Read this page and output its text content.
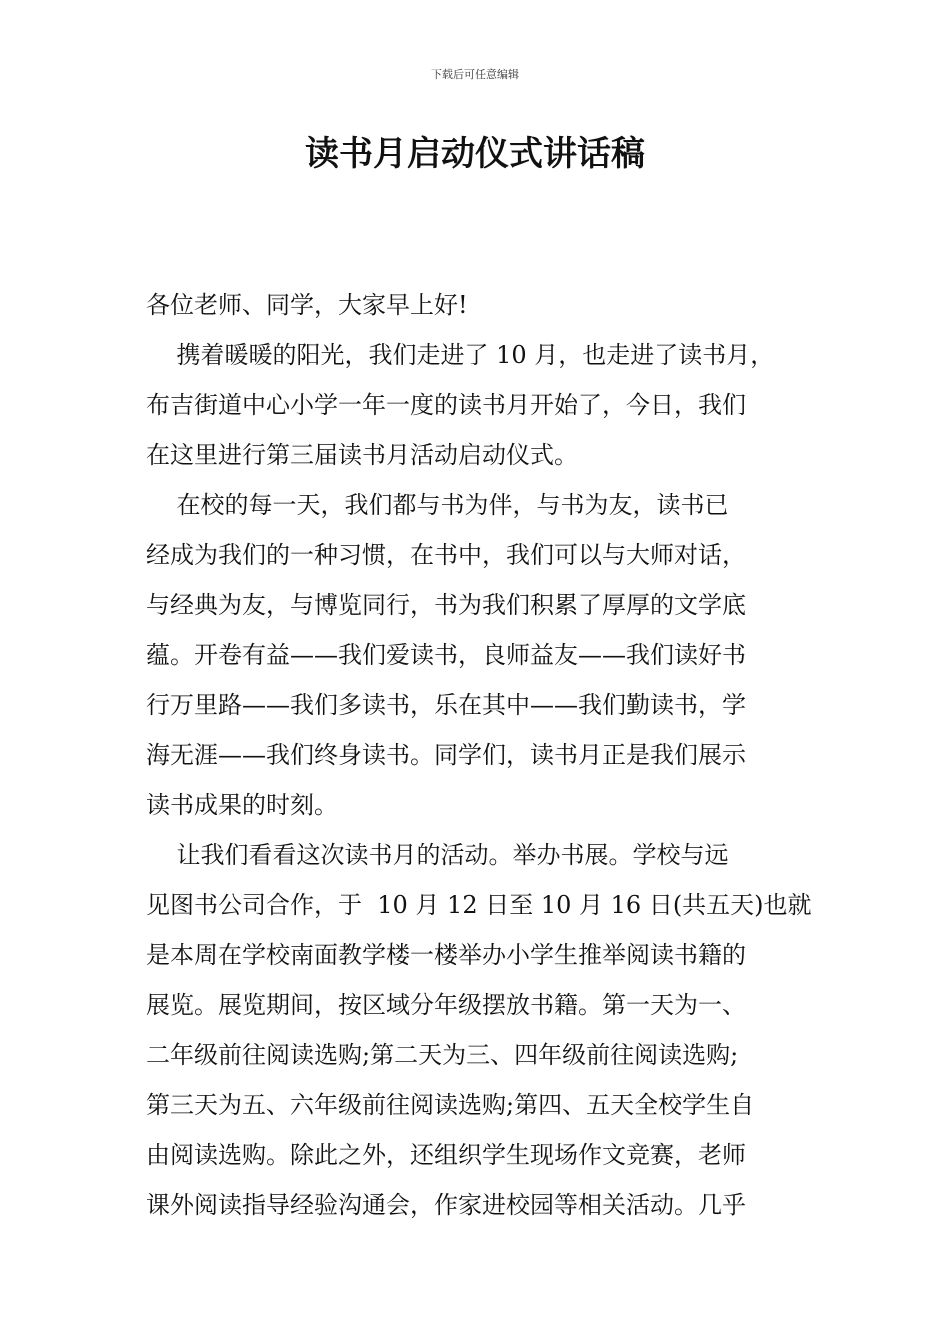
下载后可任意编辑
读书月启动仪式讲话稿
各位老师、同学，大家早上好!
携着暖暖的阳光，我们走进了 10 月，也走进了读书月，
布吉街道中心小学一年一度的读书月开始了，今日，我们
在这里进行第三届读书月活动启动仪式。
在校的每一天，我们都与书为伴，与书为友，读书已
经成为我们的一种习惯，在书中，我们可以与大师对话，
与经典为友，与博览同行，书为我们积累了厚厚的文学底
蕴。开卷有益——我们爱读书，良师益友——我们读好书
行万里路——我们多读书，乐在其中——我们勤读书，学
海无涯——我们终身读书。同学们，读书月正是我们展示
读书成果的时刻。
让我们看看这次读书月的活动。举办书展。学校与远
见图书公司合作，于  10 月 12 日至 10 月 16 日(共五天)也就
是本周在学校南面教学楼一楼举办小学生推举阅读书籍的
展览。展览期间，按区域分年级摆放书籍。第一天为一、
二年级前往阅读选购;第二天为三、四年级前往阅读选购;
第三天为五、六年级前往阅读选购;第四、五天全校学生自
由阅读选购。除此之外，还组织学生现场作文竞赛，老师
课外阅读指导经验沟通会，作家进校园等相关活动。几乎
